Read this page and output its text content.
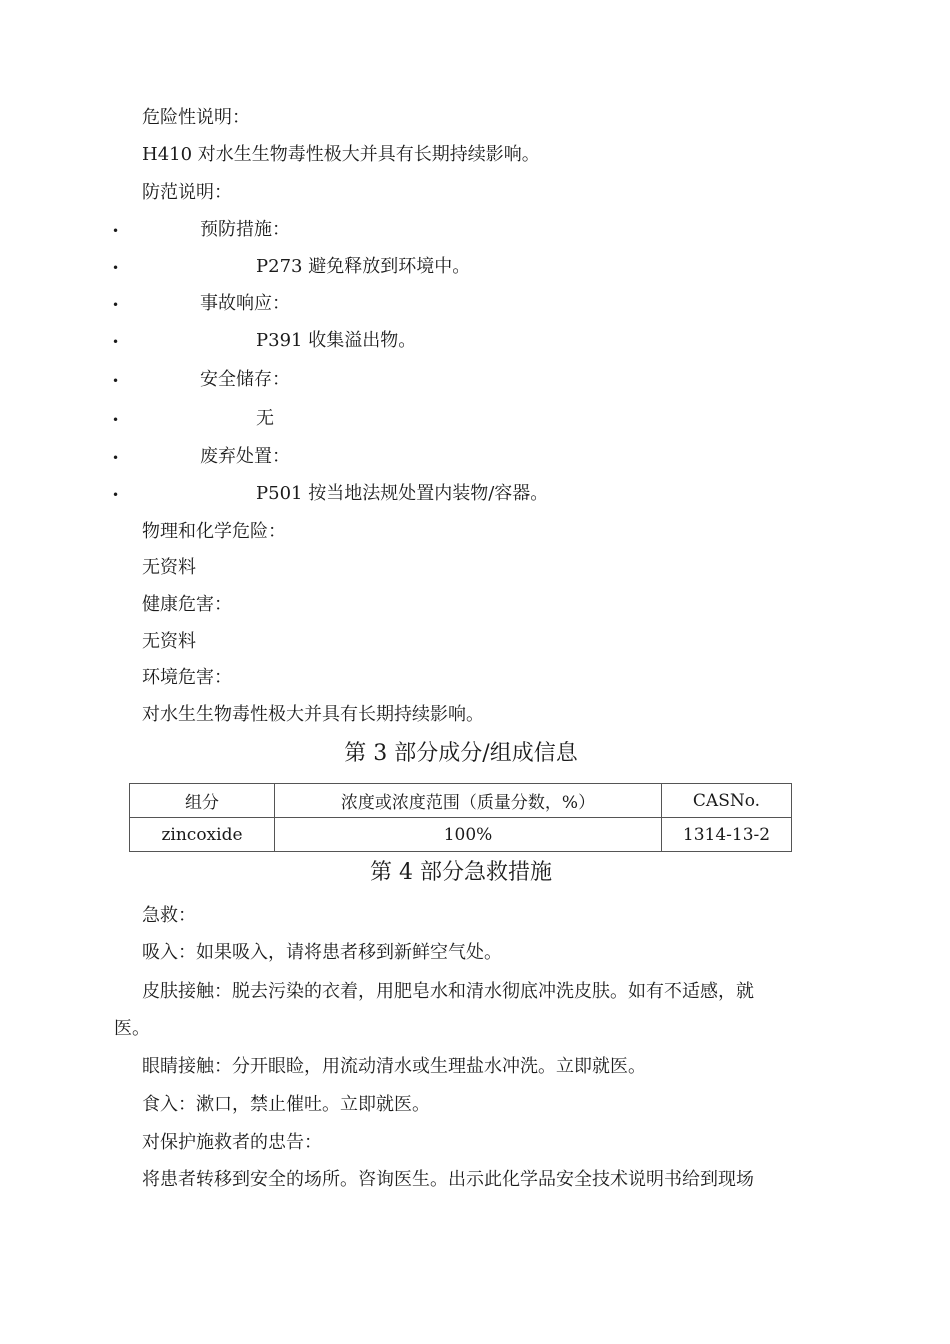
危险性说明：
H410 对水生生物毒性极大并具有长期持续影响。
防范说明：
•	预防措施：
•	P273 避免释放到环境中。
•	事故响应：
•	P391 收集溢出物。
•	安全储存：
•	无
•	废弃处置：
•	P501 按当地法规处置内装物/容器。
物理和化学危险：
无资料
健康危害：
无资料
环境危害：
对水生生物毒性极大并具有长期持续影响。
第 3 部分成分/组成信息
组分	浓度或浓度范围（质量分数，%）	CASNo.
zincoxide	100%	1314-13-2
第 4 部分急救措施
急救：
吸入：如果吸入，请将患者移到新鲜空气处。
皮肤接触：脱去污染的衣着，用肥皂水和清水彻底冲洗皮肤。如有不适感，就
医。
眼睛接触：分开眼睑，用流动清水或生理盐水冲洗。立即就医。
食入：漱口，禁止催吐。立即就医。
对保护施救者的忠告：
将患者转移到安全的场所。咨询医生。出示此化学品安全技术说明书给到现场
